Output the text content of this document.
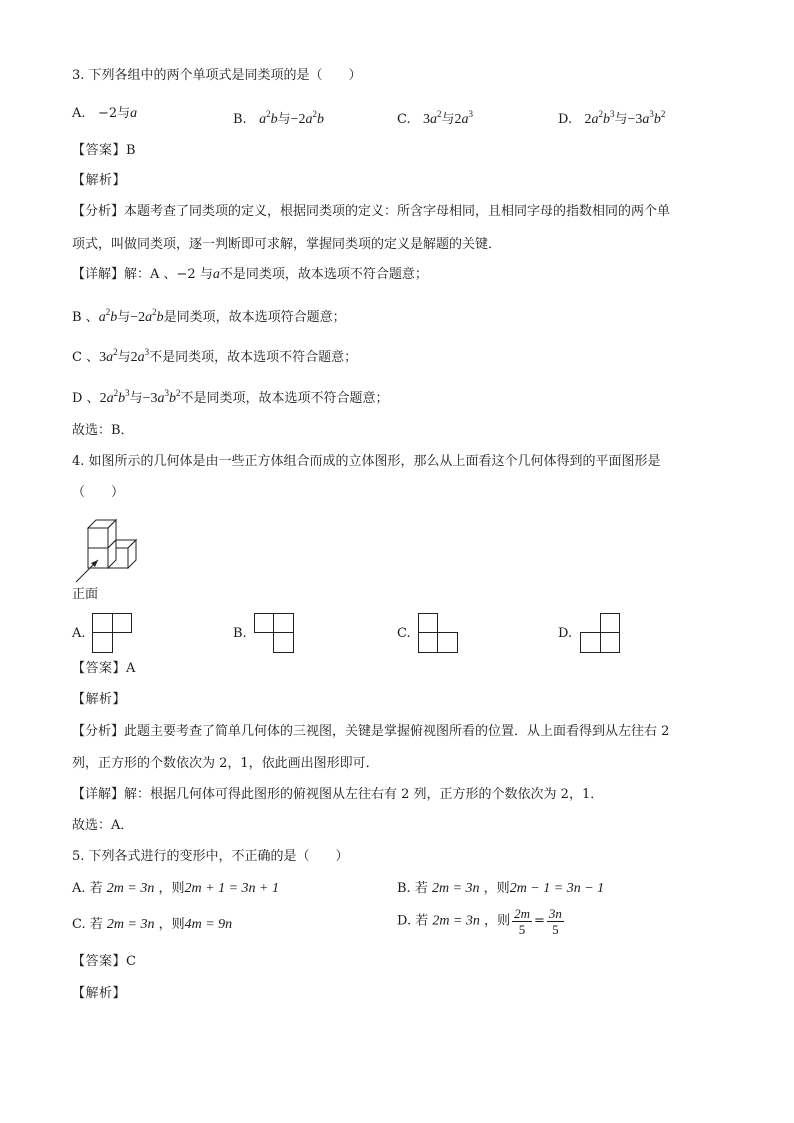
3. 下列各组中的两个单项式是同类项的是（　　）
A. −2与a	B. $a^2b$与$-2a^2b$	C. $3a^2$与$2a^3$	D. $2a^2b^3$与$-3a^3b^2$
【答案】B
【解析】
【分析】本题考查了同类项的定义，根据同类项的定义：所含字母相同，且相同字母的指数相同的两个单
项式，叫做同类项，逐一判断即可求解，掌握同类项的定义是解题的关键．
【详解】解：A 、−2 与a不是同类项，故本选项不符合题意；
B 、$a^2b$与$-2a^2b$是同类项，故本选项符合题意；
C 、$3a^2$与$2a^3$不是同类项，故本选项不符合题意；
D 、$2a^2b^3$与$-3a^3b^2$不是同类项，故本选项不符合题意；
故选：B．
4. 如图所示的几何体是由一些正方体组合而成的立体图形，那么从上面看这个几何体得到的平面图形是
（　　）
正面
A.	B.	C.	D.
【答案】A
【解析】
【分析】此题主要考查了简单几何体的三视图，关键是掌握俯视图所看的位置．从上面看得到从左往右 2
列，正方形的个数依次为 2，1，依此画出图形即可．
【详解】解：根据几何体可得此图形的俯视图从左往右有 2 列，正方形的个数依次为 2，1．
故选：A．
5. 下列各式进行的变形中，不正确的是（　　）
A. 若 2m = 3n ，则2m + 1 = 3n + 1	B. 若 2m = 3n ，则2m − 1 = 3n − 1
C. 若 2m = 3n ，则4m = 9n	D. 若 2m = 3n ，则 $\frac{2m}{5} = \frac{3n}{5}$
【答案】C
【解析】
